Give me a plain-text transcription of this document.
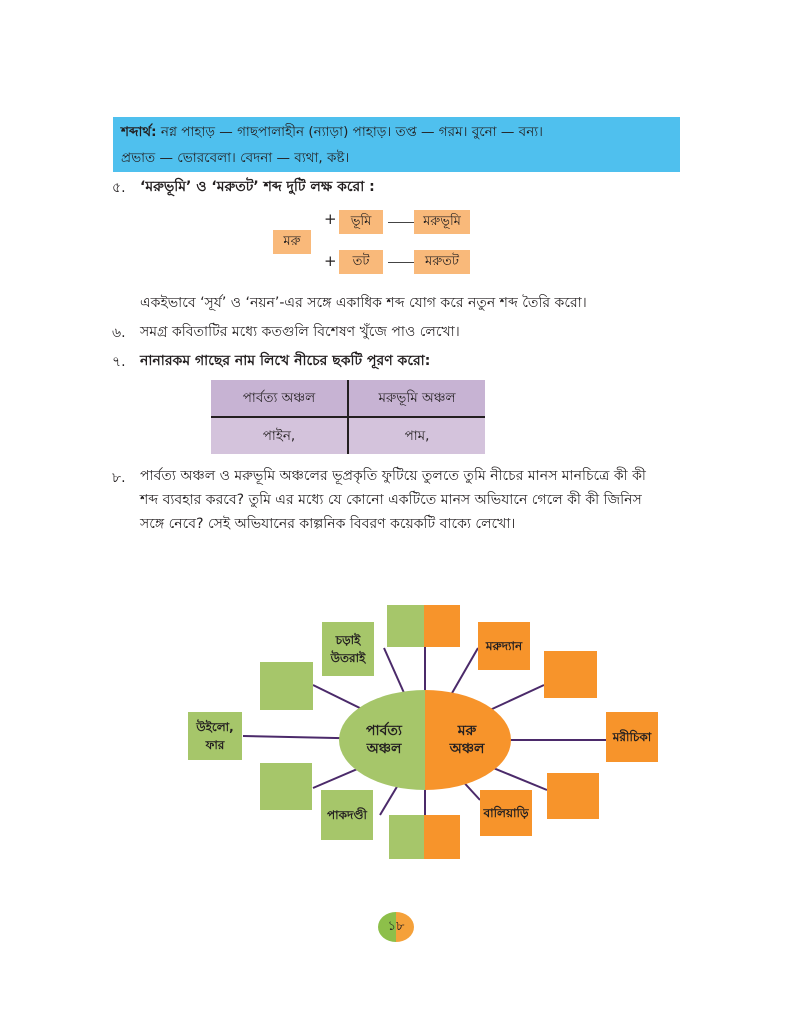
শব্দার্থ: নগ্ন পাহাড় — গাছপালাহীন (ন্যাড়া) পাহাড়। তপ্ত — গরম। বুনো — বন্য।
প্রভাত — ভোরবেলা। বেদনা — ব্যথা, কষ্ট।
৫. ‘মরুভূমি’ ও ‘মরুতট’ শব্দ দুটি লক্ষ করো :
মরু
+	ভূমি	মরুভূমি
+	তট	মরুতট
একইভাবে ‘সূর্য’ ও ‘নয়ন’-এর সঙ্গে একাধিক শব্দ যোগ করে নতুন শব্দ তৈরি করো।
৬. সমগ্র কবিতাটির মধ্যে কতগুলি বিশেষণ খুঁজে পাও লেখো।
৭. নানারকম গাছের নাম লিখে নীচের ছকটি পূরণ করো:
পার্বত্য অঞ্চল	মরুভূমি অঞ্চল
পাইন,	পাম,
৮. পার্বত্য অঞ্চল ও মরুভূমি অঞ্চলের ভূপ্রকৃতি ফুটিয়ে তুলতে তুমি নীচের মানস মানচিত্রে কী কী
শব্দ ব্যবহার করবে? তুমি এর মধ্যে যে কোনো একটিতে মানস অভিযানে গেলে কী কী জিনিস
সঙ্গে নেবে? সেই অভিযানের কাল্পনিক বিবরণ কয়েকটি বাক্যে লেখো।
পার্বত্য
অঞ্চল
মরু
অঞ্চল
চড়াই
উতরাই
উইলো,
ফার
পাকদণ্ডী
মরুদ্যান
মরীচিকা
বালিয়াড়ি
১৮
